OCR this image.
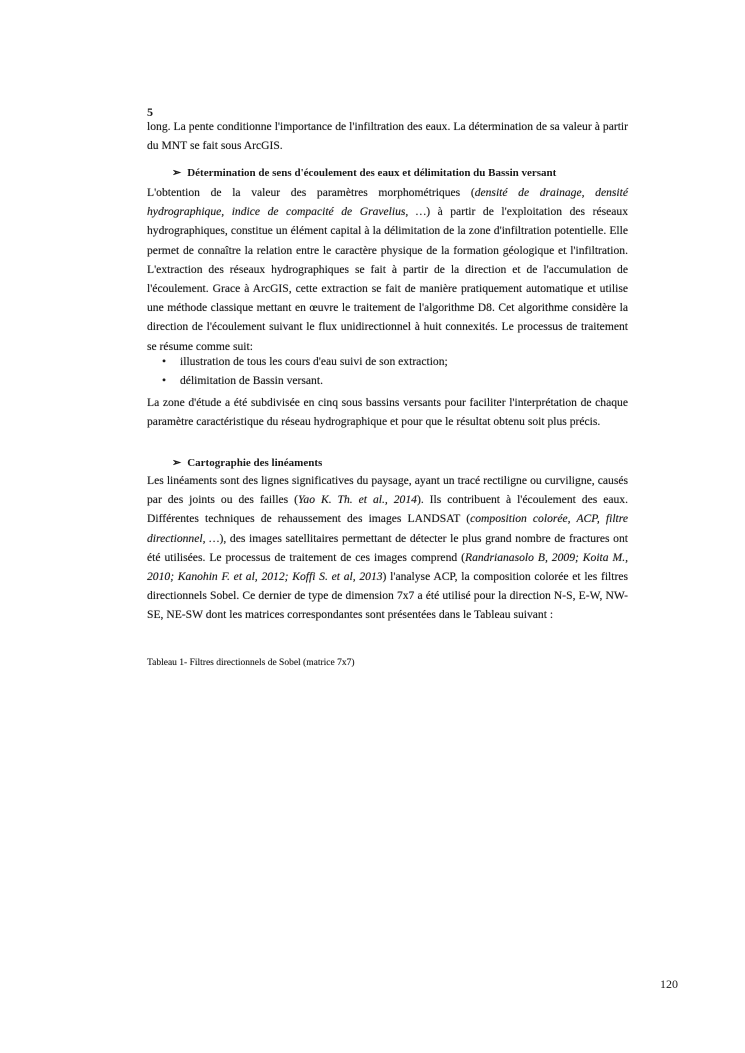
5

long. La pente conditionne l'importance de l'infiltration des eaux. La détermination de sa valeur à partir du MNT se fait sous ArcGIS.

➢ Détermination de sens d'écoulement des eaux et délimitation du Bassin versant

L'obtention de la valeur des paramètres morphométriques (densité de drainage, densité hydrographique, indice de compacité de Gravelius, …) à partir de l'exploitation des réseaux hydrographiques, constitue un élément capital à la délimitation de la zone d'infiltration potentielle. Elle permet de connaître la relation entre le caractère physique de la formation géologique et l'infiltration. L'extraction des réseaux hydrographiques se fait à partir de la direction et de l'accumulation de l'écoulement. Grace à ArcGIS, cette extraction se fait de manière pratiquement automatique et utilise une méthode classique mettant en œuvre le traitement de l'algorithme D8. Cet algorithme considère la direction de l'écoulement suivant le flux unidirectionnel à huit connexités. Le processus de traitement se résume comme suit:

• illustration de tous les cours d'eau suivi de son extraction;
• délimitation de Bassin versant.

La zone d'étude a été subdivisée en cinq sous bassins versants pour faciliter l'interprétation de chaque paramètre caractéristique du réseau hydrographique et pour que le résultat obtenu soit plus précis.

➢ Cartographie des linéaments

Les linéaments sont des lignes significatives du paysage, ayant un tracé rectiligne ou curviligne, causés par des joints ou des failles (Yao K. Th. et al., 2014). Ils contribuent à l'écoulement des eaux. Différentes techniques de rehaussement des images LANDSAT (composition colorée, ACP, filtre directionnel, …), des images satellitaires permettant de détecter le plus grand nombre de fractures ont été utilisées. Le processus de traitement de ces images comprend (Randrianasolo B, 2009; Koita M., 2010; Kanohin F. et al, 2012; Koffi S. et al, 2013) l'analyse ACP, la composition colorée et les filtres directionnels Sobel. Ce dernier de type de dimension 7x7 a été utilisé pour la direction N-S, E-W, NW-SE, NE-SW dont les matrices correspondantes sont présentées dans le Tableau suivant :

Tableau 1- Filtres directionnels de Sobel (matrice 7x7)
120
